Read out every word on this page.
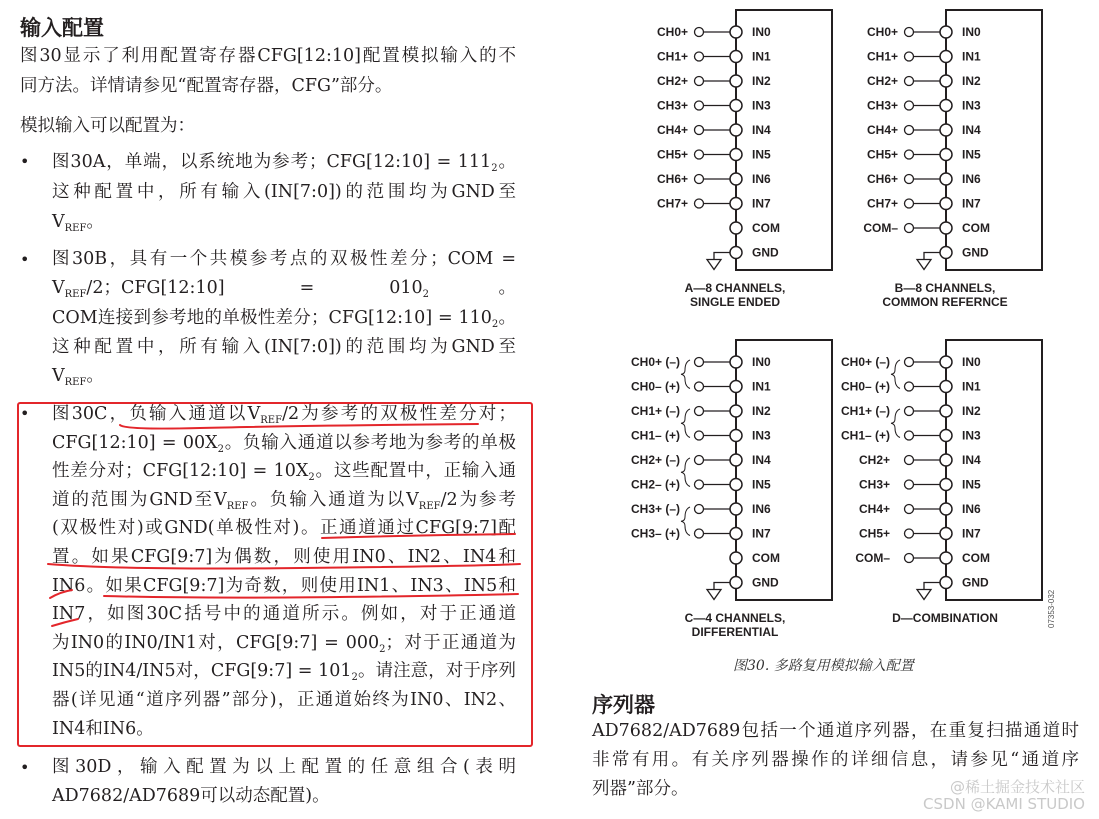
输入配置
图30显示了利用配置寄存器CFG[12:10]配置模拟输入的不
同方法。详情请参见“配置寄存器，CFG”部分。
模拟输入可以配置为：
•	图30A，单端，以系统地为参考；CFG[12:10] = $111_2$。
这种配置中，所有输入(IN[7:0])的范围均为GND至
$V_{REF}$。
•	图30B，具有一个共模参考点的双极性差分；COM =
$V_{REF}/2$；CFG[12:10] = $010_2$。
COM连接到参考地的单极性差分；CFG[12:10] = $110_2$。
这种配置中，所有输入(IN[7:0])的范围均为GND至
$V_{REF}$。
•	图30C，负输入通道以$V_{REF}/2$为参考的双极性差分对；
CFG[12:10] = $00X_2$。负输入通道以参考地为参考的单极
性差分对；CFG[12:10] = $10X_2$。这些配置中，正输入通
道的范围为GND至$V_{REF}$。负输入通道为以$V_{REF}/2$为参考
(双极性对)或GND(单极性对)。正通道通过CFG[9:7]配
置。如果CFG[9:7]为偶数，则使用IN0、IN2、IN4和
IN6。如果CFG[9:7]为奇数，则使用IN1、IN3、IN5和
IN7，如图30C括号中的通道所示。例如，对于正通道
为IN0的IN0/IN1对，CFG[9:7] = $000_2$；对于正通道为
IN5的IN4/IN5对，CFG[9:7] = $101_2$。请注意，对于序列
器(详见通“道序列器”部分)，正通道始终为IN0、IN2、
IN4和IN6。
•	图30D，输入配置为以上配置的任意组合(表明
AD7682/AD7689可以动态配置)。
CH0+	IN0
CH1+	IN1
CH2+	IN2
CH3+	IN3
CH4+	IN4
CH5+	IN5
CH6+	IN6
CH7+	IN7
COM
GND
A—8 CHANNELS,
SINGLE ENDED
CH0+	IN0
CH1+	IN1
CH2+	IN2
CH3+	IN3
CH4+	IN4
CH5+	IN5
CH6+	IN6
CH7+	IN7
COM–	COM
GND
B—8 CHANNELS,
COMMON REFERNCE
CH0+ (–)	IN0
CH0– (+)	IN1
CH1+ (–)	IN2
CH1– (+)	IN3
CH2+ (–)	IN4
CH2– (+)	IN5
CH3+ (–)	IN6
CH3– (+)	IN7
COM
GND
C—4 CHANNELS,
DIFFERENTIAL
CH0+ (–)	IN0
CH0– (+)	IN1
CH1+ (–)	IN2
CH1– (+)	IN3
CH2+	IN4
CH3+	IN5
CH4+	IN6
CH5+	IN7
COM–	COM
GND
D—COMBINATION	07353-032
图30. 多路复用模拟输入配置
序列器
AD7682/AD7689包括一个通道序列器，在重复扫描通道时
非常有用。有关序列器操作的详细信息，请参见“通道序
列器”部分。	@稀土掘金技术社区
CSDN @KAMI STUDIO
